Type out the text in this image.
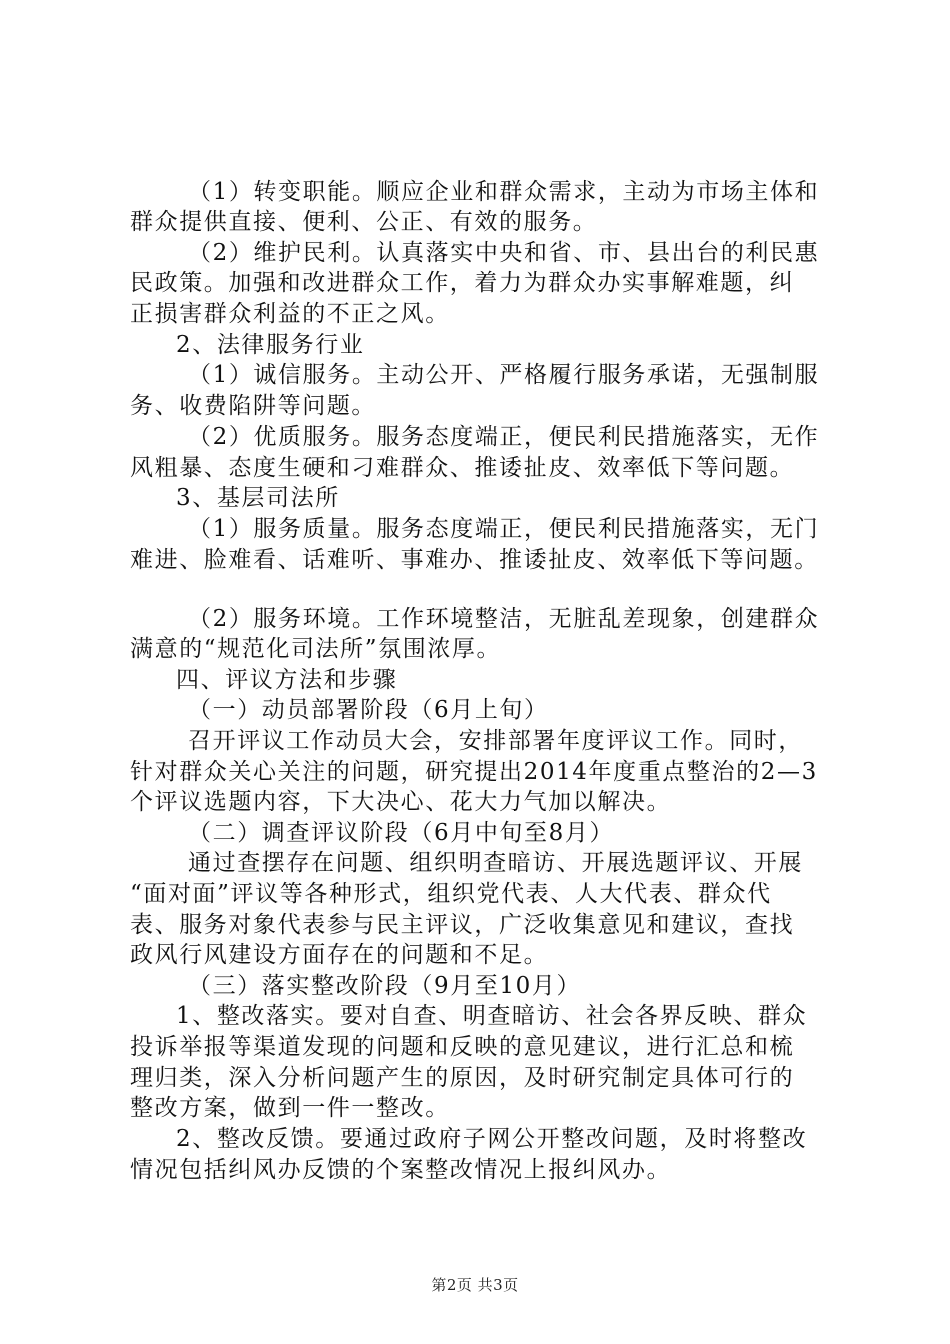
（1）转变职能。顺应企业和群众需求，主动为市场主体和
群众提供直接、便利、公正、有效的服务。
（2）维护民利。认真落实中央和省、市、县出台的利民惠
民政策。加强和改进群众工作，着力为群众办实事解难题，纠
正损害群众利益的不正之风。
2、法律服务行业
（1）诚信服务。主动公开、严格履行服务承诺，无强制服
务、收费陷阱等问题。
（2）优质服务。服务态度端正，便民利民措施落实，无作
风粗暴、态度生硬和刁难群众、推诿扯皮、效率低下等问题。
3、基层司法所
（1）服务质量。服务态度端正，便民利民措施落实，无门
难进、脸难看、话难听、事难办、推诿扯皮、效率低下等问题。
（2）服务环境。工作环境整洁，无脏乱差现象，创建群众
满意的“规范化司法所”氛围浓厚。
四、评议方法和步骤
（一）动员部署阶段（6月上旬）
召开评议工作动员大会，安排部署年度评议工作。同时，
针对群众关心关注的问题，研究提出2014年度重点整治的2—3
个评议选题内容，下大决心、花大力气加以解决。
（二）调查评议阶段（6月中旬至8月）
通过查摆存在问题、组织明查暗访、开展选题评议、开展
“面对面”评议等各种形式，组织党代表、人大代表、群众代
表、服务对象代表参与民主评议，广泛收集意见和建议，查找
政风行风建设方面存在的问题和不足。
（三）落实整改阶段（9月至10月）
1、整改落实。要对自查、明查暗访、社会各界反映、群众
投诉举报等渠道发现的问题和反映的意见建议，进行汇总和梳
理归类，深入分析问题产生的原因，及时研究制定具体可行的
整改方案，做到一件一整改。
2、整改反馈。要通过政府子网公开整改问题，及时将整改
情况包括纠风办反馈的个案整改情况上报纠风办。
第2页 共3页
